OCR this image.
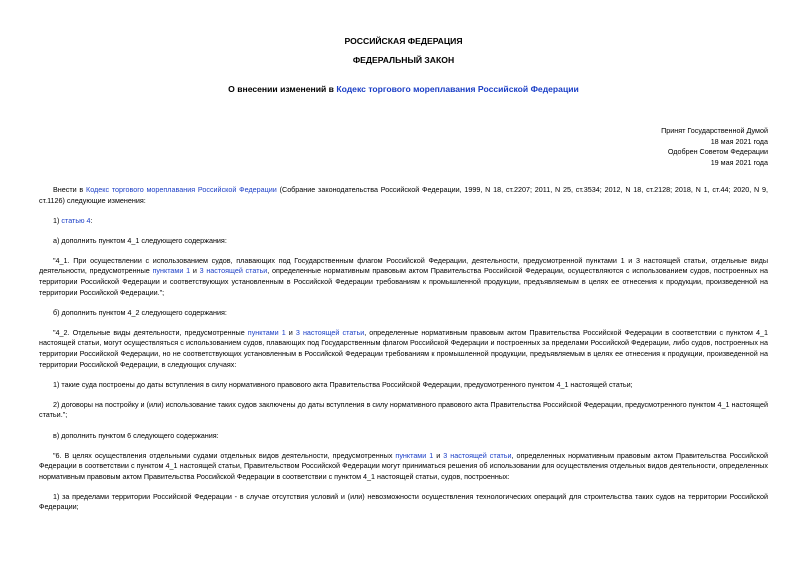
РОССИЙСКАЯ ФЕДЕРАЦИЯ
ФЕДЕРАЛЬНЫЙ ЗАКОН
О внесении изменений в Кодекс торгового мореплавания Российской Федерации
Принят Государственной Думой
18 мая 2021 года
Одобрен Советом Федерации
19 мая 2021 года

Внести в Кодекс торгового мореплавания Российской Федерации (Собрание законодательства Российской Федерации, 1999, N 18, ст.2207; 2011, N 25, ст.3534; 2012, N 18, ст.2128; 2018, N 1, ст.44; 2020, N 9, ст.1126) следующие изменения:

1) статью 4:

а) дополнить пунктом 4_1 следующего содержания:

"4_1. При осуществлении с использованием судов, плавающих под Государственным флагом Российской Федерации, деятельности, предусмотренной пунктами 1 и 3 настоящей статьи, отдельные виды деятельности, предусмотренные пунктами 1 и 3 настоящей статьи, определенные нормативным правовым актом Правительства Российской Федерации, осуществляются с использованием судов, построенных на территории Российской Федерации и соответствующих установленным в Российской Федерации требованиям к промышленной продукции, предъявляемым в целях ее отнесения к продукции, произведенной на территории Российской Федерации.";

б) дополнить пунктом 4_2 следующего содержания:

"4_2. Отдельные виды деятельности, предусмотренные пунктами 1 и 3 настоящей статьи, определенные нормативным правовым актом Правительства Российской Федерации в соответствии с пунктом 4_1 настоящей статьи, могут осуществляться с использованием судов, плавающих под Государственным флагом Российской Федерации и построенных за пределами Российской Федерации, либо судов, построенных на территории Российской Федерации, но не соответствующих установленным в Российской Федерации требованиям к промышленной продукции, предъявляемым в целях ее отнесения к продукции, произведенной на территории Российской Федерации, в следующих случаях:

1) такие суда построены до даты вступления в силу нормативного правового акта Правительства Российской Федерации, предусмотренного пунктом 4_1 настоящей статьи;

2) договоры на постройку и (или) использование таких судов заключены до даты вступления в силу нормативного правового акта Правительства Российской Федерации, предусмотренного пунктом 4_1 настоящей статьи.";

в) дополнить пунктом 6 следующего содержания:

"6. В целях осуществления отдельными судами отдельных видов деятельности, предусмотренных пунктами 1 и 3 настоящей статьи, определенных нормативным правовым актом Правительства Российской Федерации в соответствии с пунктом 4_1 настоящей статьи, Правительством Российской Федерации могут приниматься решения об использовании для осуществления отдельных видов деятельности, определенных нормативным правовым актом Правительства Российской Федерации в соответствии с пунктом 4_1 настоящей статьи, судов, построенных:

1) за пределами территории Российской Федерации - в случае отсутствия условий и (или) невозможности осуществления технологических операций для строительства таких судов на территории Российской Федерации;
